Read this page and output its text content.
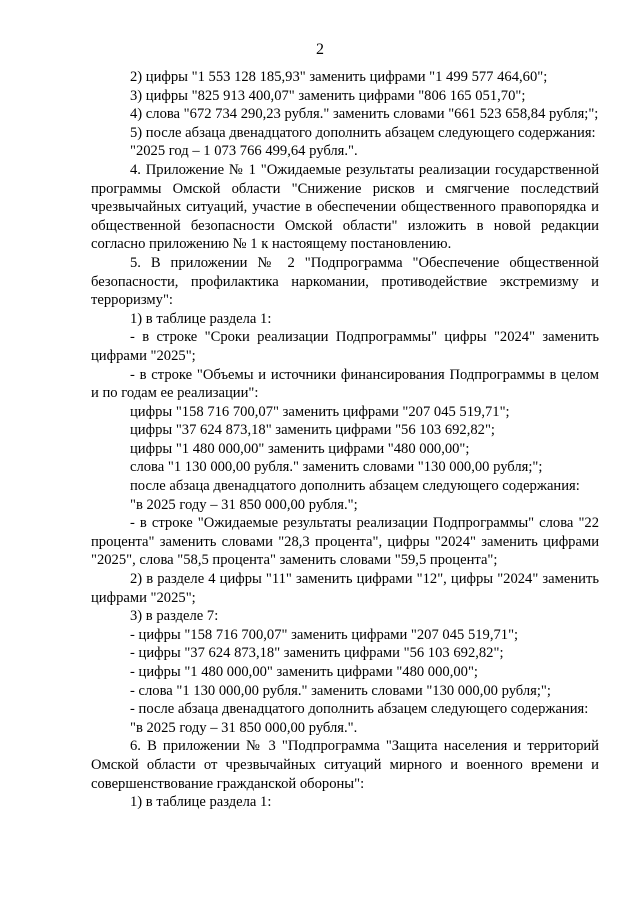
2

2) цифры "1 553 128 185,93" заменить цифрами "1 499 577 464,60";

3) цифры "825 913 400,07" заменить цифрами "806 165 051,70";

4) слова "672 734 290,23 рубля." заменить словами "661 523 658,84 рубля;";

5) после абзаца двенадцатого дополнить абзацем следующего содержания:

"2025 год – 1 073 766 499,64 рубля.".

4. Приложение № 1 "Ожидаемые результаты реализации государственной программы Омской области "Снижение рисков и смягчение последствий чрезвычайных ситуаций, участие в обеспечении общественного правопорядка и общественной безопасности Омской области" изложить в новой редакции согласно приложению № 1 к настоящему постановлению.

5. В приложении № 2 "Подпрограмма "Обеспечение общественной безопасности, профилактика наркомании, противодействие экстремизму и терроризму":

1) в таблице раздела 1:

- в строке "Сроки реализации Подпрограммы" цифры "2024" заменить цифрами "2025";

- в строке "Объемы и источники финансирования Подпрограммы в целом и по годам ее реализации":

цифры "158 716 700,07" заменить цифрами "207 045 519,71";

цифры "37 624 873,18" заменить цифрами "56 103 692,82";

цифры "1 480 000,00" заменить цифрами "480 000,00";

слова "1 130 000,00 рубля." заменить словами "130 000,00 рубля;";

после абзаца двенадцатого дополнить абзацем следующего содержания:

"в 2025 году – 31 850 000,00 рубля.";

- в строке "Ожидаемые результаты реализации Подпрограммы" слова "22 процента" заменить словами "28,3 процента", цифры "2024" заменить цифрами "2025", слова "58,5 процента" заменить словами "59,5 процента";

2) в разделе 4 цифры "11" заменить цифрами "12", цифры "2024" заменить цифрами "2025";

3) в разделе 7:

- цифры "158 716 700,07" заменить цифрами "207 045 519,71";

- цифры "37 624 873,18" заменить цифрами "56 103 692,82";

- цифры "1 480 000,00" заменить цифрами "480 000,00";

- слова "1 130 000,00 рубля." заменить словами "130 000,00 рубля;";

- после абзаца двенадцатого дополнить абзацем следующего содержания:

"в 2025 году – 31 850 000,00 рубля.".

6. В приложении № 3 "Подпрограмма "Защита населения и территорий Омской области от чрезвычайных ситуаций мирного и военного времени и совершенствование гражданской обороны":

1) в таблице раздела 1:
